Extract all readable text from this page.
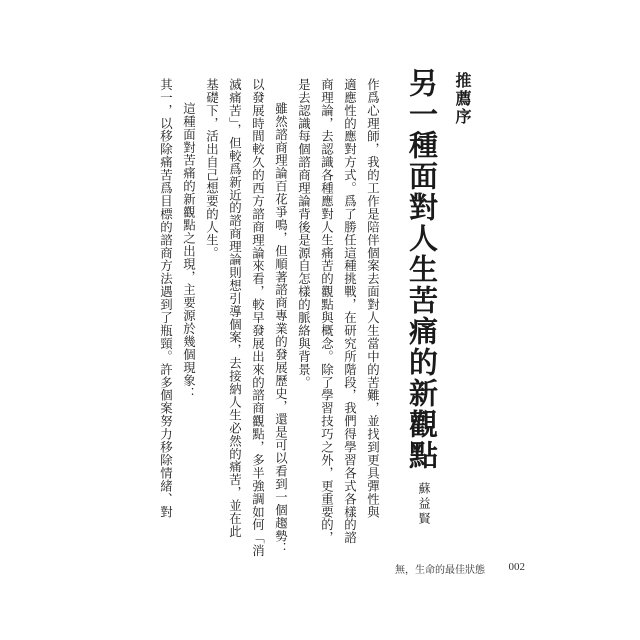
推薦序
另一種面對人生苦痛的新觀點
蘇益賢
作爲心理師，我的工作是陪伴個案去面對人生當中的苦難，並找到更具彈性與
適應性的應對方式。爲了勝任這種挑戰，在研究所階段，我們得學習各式各樣的諮
商理論，去認識各種應對人生痛苦的觀點與概念。除了學習技巧之外，更重要的，
是去認識每個諮商理論背後是源自怎樣的脈絡與背景。
雖然諮商理論百花爭鳴，但順著諮商專業的發展歷史，還是可以看到一個趨勢：
以發展時間較久的西方諮商理論來看，較早發展出來的諮商觀點，多半強調如何「消
滅痛苦」，但較爲新近的諮商理論則想引導個案，去接納人生必然的痛苦，並在此
基礎下，活出自己想要的人生。
這種面對苦痛的新觀點之出現，主要源於幾個現象：
其一，以移除痛苦爲目標的諮商方法遇到了瓶頸。許多個案努力移除情緒、對
無，生命的最佳狀態 002
